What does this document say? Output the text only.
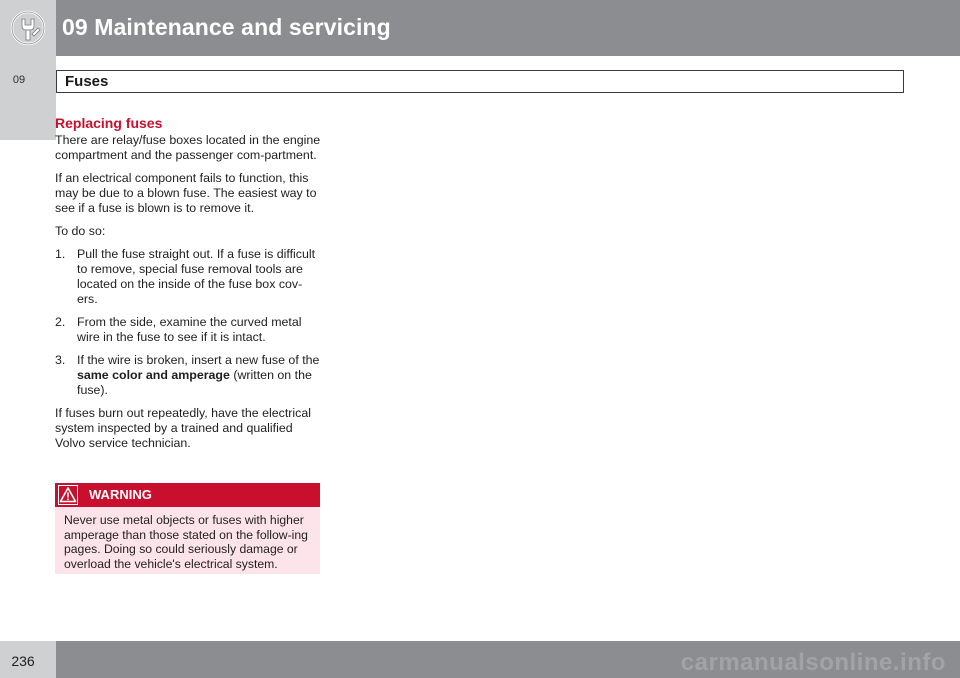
09 Maintenance and servicing
09	Fuses
Replacing fuses

There are relay/fuse boxes located in the engine compartment and the passenger com-partment.

If an electrical component fails to function, this may be due to a blown fuse. The easiest way to see if a fuse is blown is to remove it.

To do so:

1. Pull the fuse straight out. If a fuse is difficult to remove, special fuse removal tools are located on the inside of the fuse box cov-ers.
2. From the side, examine the curved metal wire in the fuse to see if it is intact.
3. If the wire is broken, insert a new fuse of the same color and amperage (written on the fuse).

If fuses burn out repeatedly, have the electrical system inspected by a trained and qualified Volvo service technician.

WARNING
Never use metal objects or fuses with higher amperage than those stated on the follow-ing pages. Doing so could seriously damage or overload the vehicle's electrical system.
236	carmanualsonline.info
